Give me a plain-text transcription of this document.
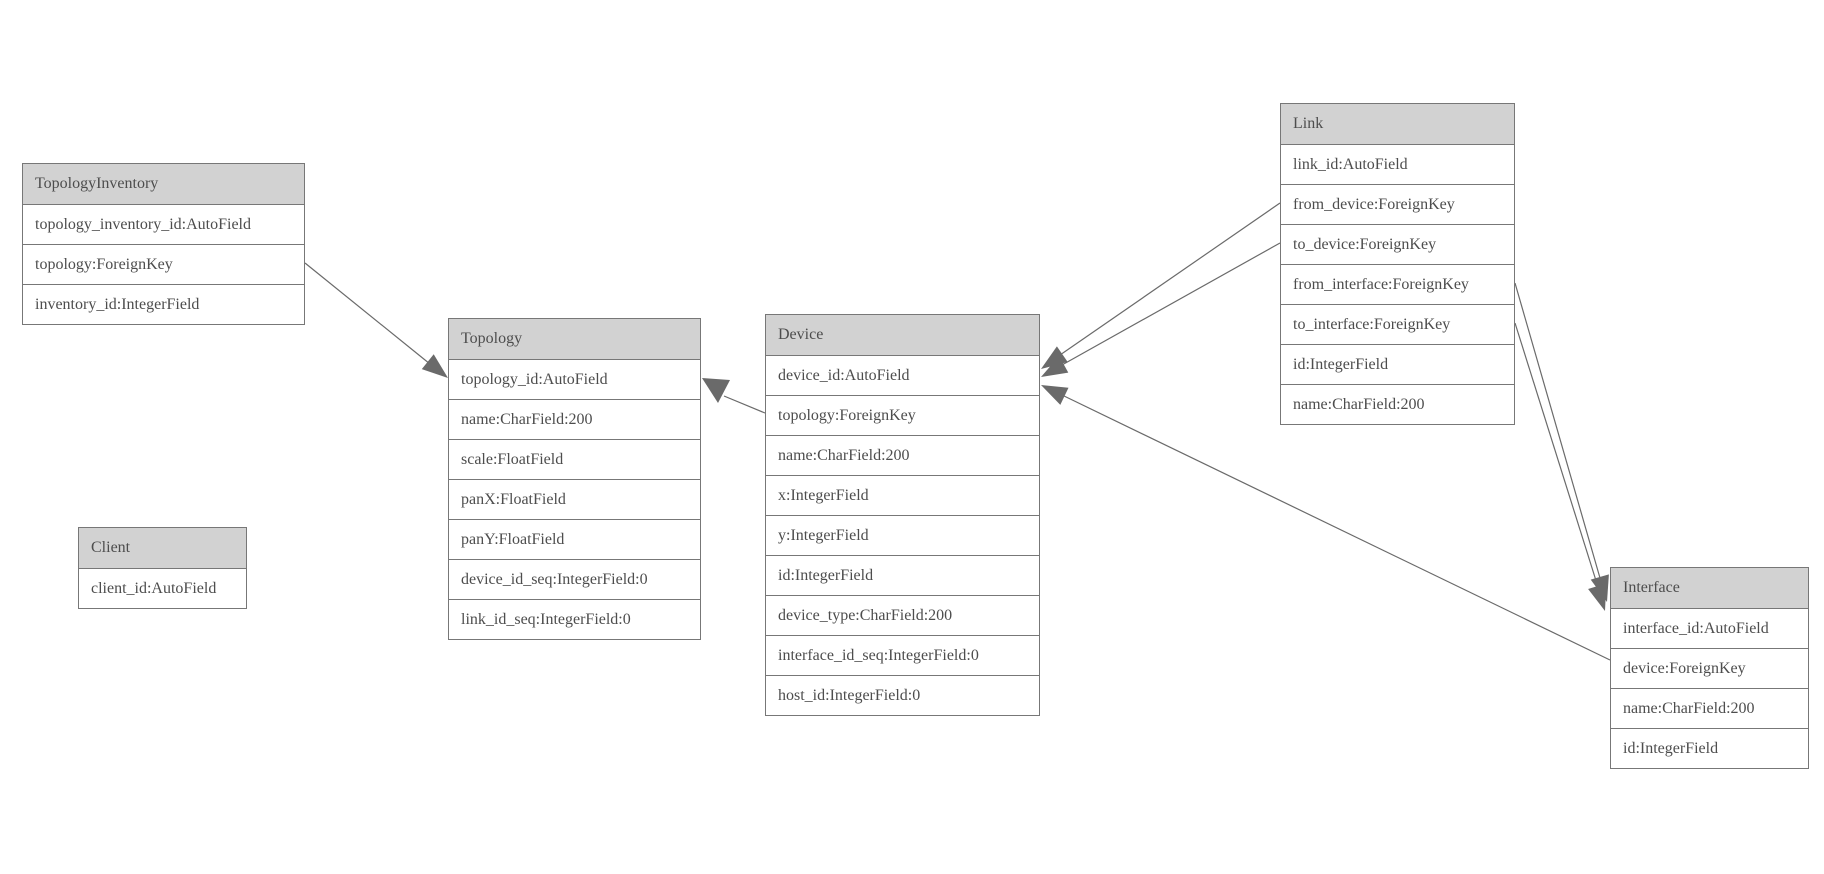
TopologyInventory
topology_inventory_id:AutoField
topology:ForeignKey
inventory_id:IntegerField
Topology
topology_id:AutoField
name:CharField:200
scale:FloatField
panX:FloatField
panY:FloatField
device_id_seq:IntegerField:0
link_id_seq:IntegerField:0
Client
client_id:AutoField
Device
device_id:AutoField
topology:ForeignKey
name:CharField:200
x:IntegerField
y:IntegerField
id:IntegerField
device_type:CharField:200
interface_id_seq:IntegerField:0
host_id:IntegerField:0
Link
link_id:AutoField
from_device:ForeignKey
to_device:ForeignKey
from_interface:ForeignKey
to_interface:ForeignKey
id:IntegerField
name:CharField:200
Interface
interface_id:AutoField
device:ForeignKey
name:CharField:200
id:IntegerField
